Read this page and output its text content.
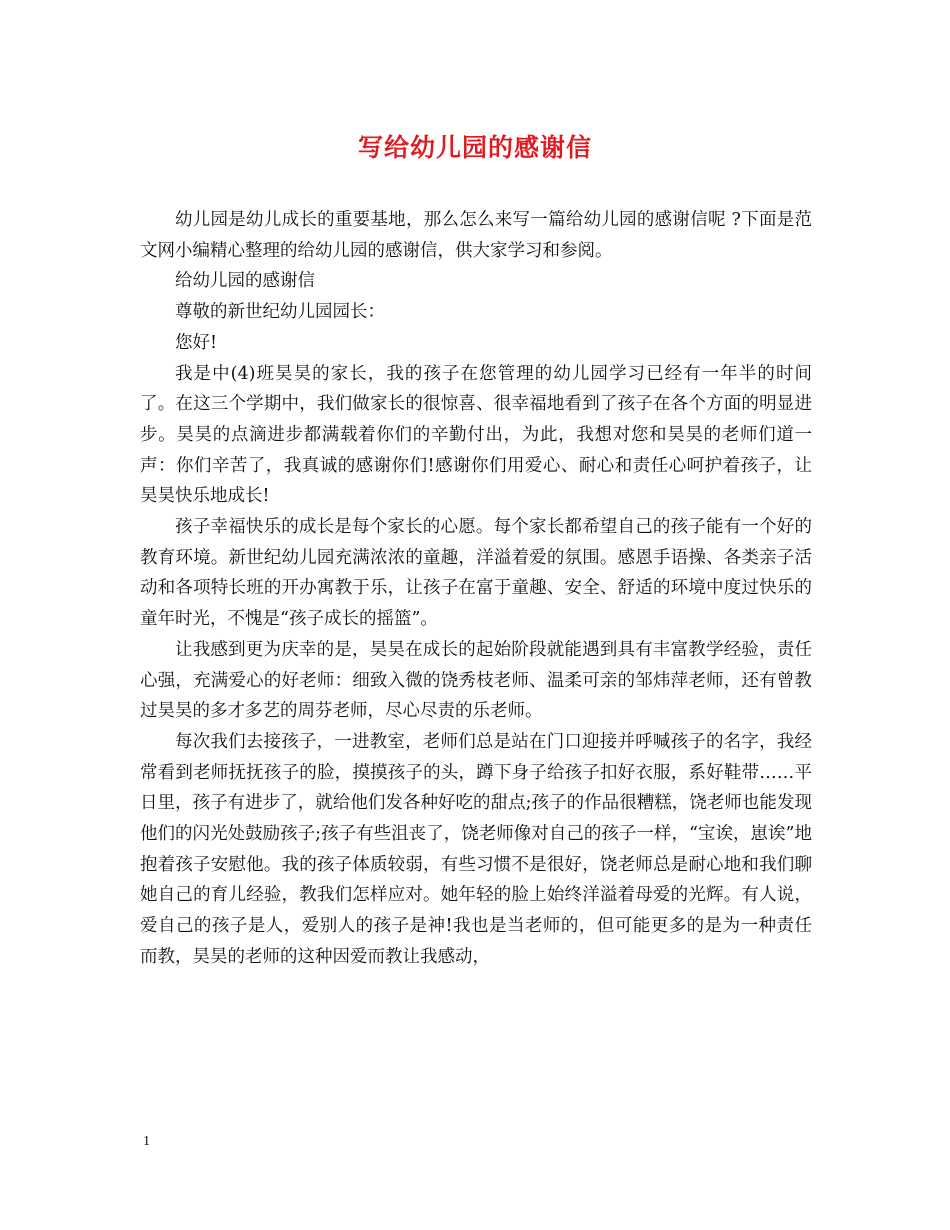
写给幼儿园的感谢信

幼儿园是幼儿成长的重要基地，那么怎么来写一篇给幼儿园的感谢信呢 ?下面是范文网小编精心整理的给幼儿园的感谢信，供大家学习和参阅。

给幼儿园的感谢信

尊敬的新世纪幼儿园园长：

您好!

我是中(4)班昊昊的家长，我的孩子在您管理的幼儿园学习已经有一年半的时间了。在这三个学期中，我们做家长的很惊喜、很幸福地看到了孩子在各个方面的明显进步。昊昊的点滴进步都满载着你们的辛勤付出，为此，我想对您和昊昊的老师们道一声：你们辛苦了，我真诚的感谢你们!感谢你们用爱心、耐心和责任心呵护着孩子，让昊昊快乐地成长!

孩子幸福快乐的成长是每个家长的心愿。每个家长都希望自己的孩子能有一个好的教育环境。新世纪幼儿园充满浓浓的童趣，洋溢着爱的氛围。感恩手语操、各类亲子活动和各项特长班的开办寓教于乐，让孩子在富于童趣、安全、舒适的环境中度过快乐的童年时光，不愧是“孩子成长的摇篮”。

让我感到更为庆幸的是，昊昊在成长的起始阶段就能遇到具有丰富教学经验，责任心强，充满爱心的好老师：细致入微的饶秀枝老师、温柔可亲的邹炜萍老师，还有曾教过昊昊的多才多艺的周芬老师，尽心尽责的乐老师。

每次我们去接孩子，一进教室，老师们总是站在门口迎接并呼喊孩子的名字，我经常看到老师抚抚孩子的脸，摸摸孩子的头，蹲下身子给孩子扣好衣服，系好鞋带……平日里，孩子有进步了，就给他们发各种好吃的甜点;孩子的作品很糟糕，饶老师也能发现他们的闪光处鼓励孩子;孩子有些沮丧了，饶老师像对自己的孩子一样，“宝诶，崽诶”地抱着孩子安慰他。我的孩子体质较弱，有些习惯不是很好，饶老师总是耐心地和我们聊她自己的育儿经验，教我们怎样应对。她年轻的脸上始终洋溢着母爱的光辉。有人说，爱自己的孩子是人，爱别人的孩子是神!我也是当老师的，但可能更多的是为一种责任而教，昊昊的老师的这种因爱而教让我感动，

1
